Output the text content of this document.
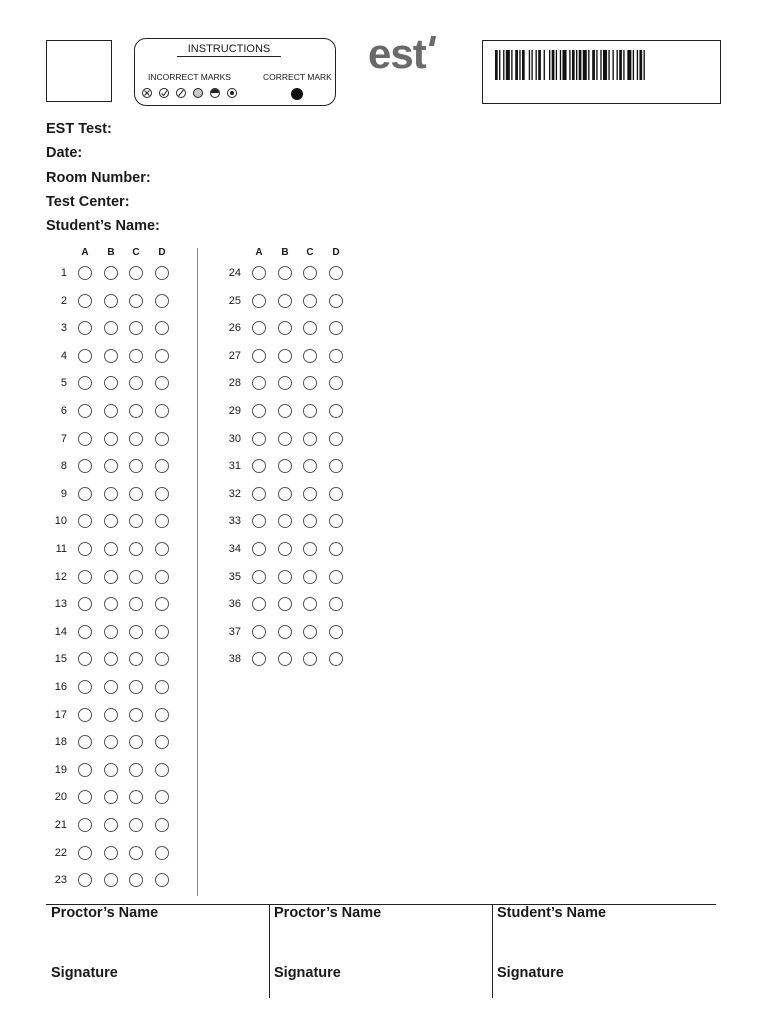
INSTRUCTIONS
INCORRECT MARKS	CORRECT MARK est
EST Test:
Date:
Room Number:
Test Center:
Student’s Name:
A	B	C	D
1
2
3
4
5
6
7
8
9
10
11
12
13
14
15
16
17
18
19
20
21
22
23
A	B	C	D
24
25
26
27
28
29
30
31
32
33
34
35
36
37
38
Proctor’s Name
Signature
Proctor’s Name
Signature
Student’s Name
Signature
